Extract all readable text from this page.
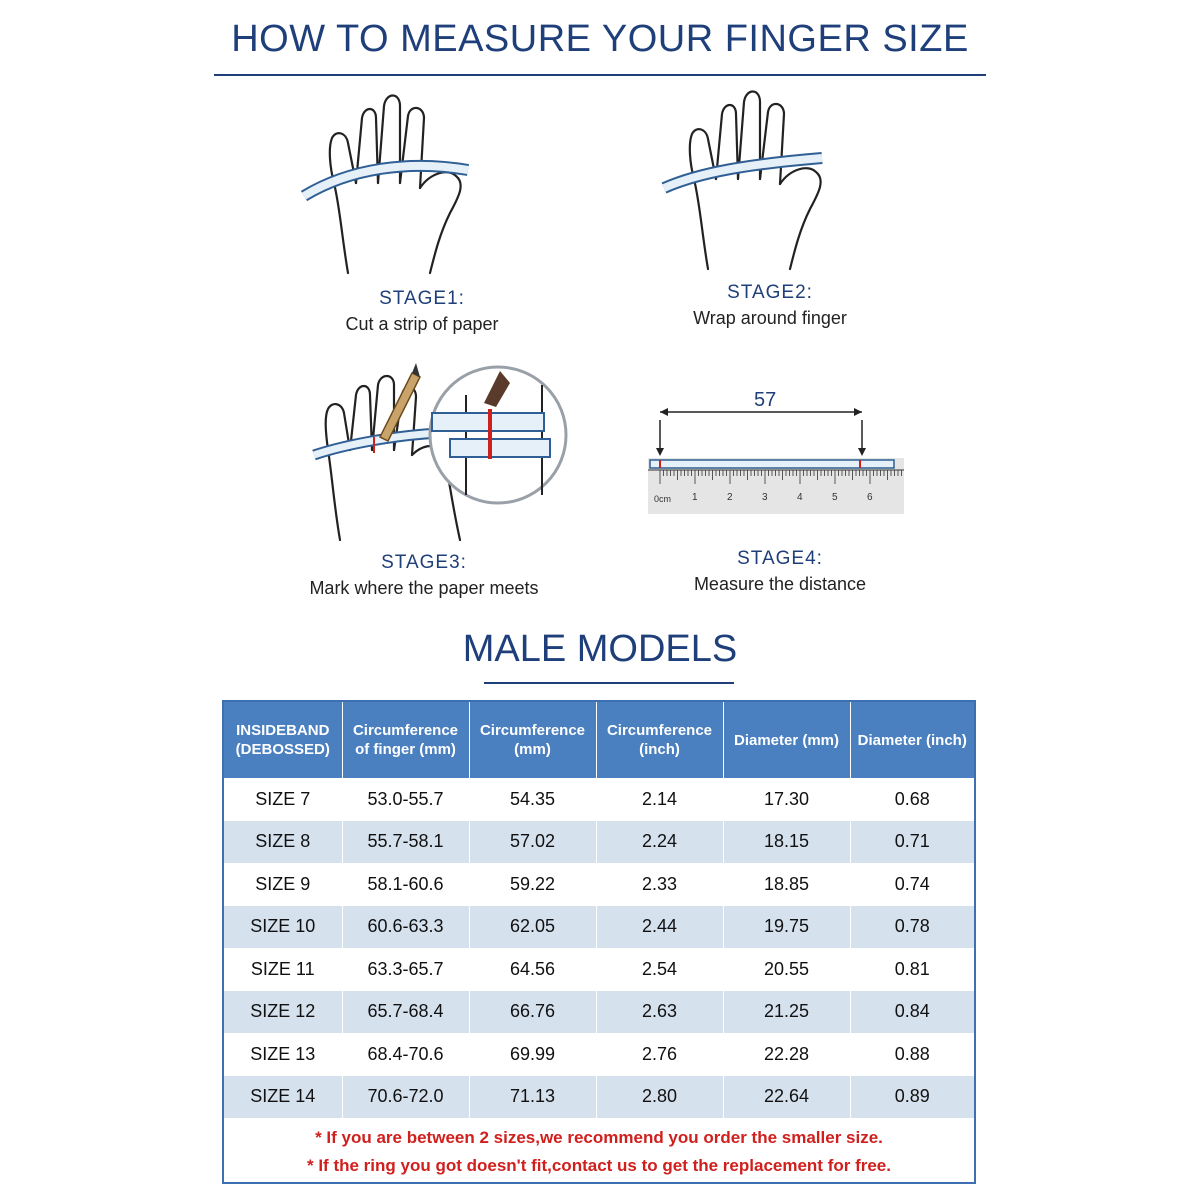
HOW TO MEASURE YOUR FINGER SIZE
STAGE1:
Cut a strip of paper
STAGE2:
Wrap around finger
STAGE3:
Mark where the paper meets
57
0cm 1	2	3	4	5	6
STAGE4:
Measure the distance
MALE MODELS
INSIDEBAND (DEBOSSED)	Circumference of finger (mm)	Circumference (mm)	Circumference (inch)	Diameter (mm)	Diameter (inch)
SIZE 7	53.0-55.7	54.35	2.14	17.30	0.68
SIZE 8	55.7-58.1	57.02	2.24	18.15	0.71
SIZE 9	58.1-60.6	59.22	2.33	18.85	0.74
SIZE 10	60.6-63.3	62.05	2.44	19.75	0.78
SIZE 11	63.3-65.7	64.56	2.54	20.55	0.81
SIZE 12	65.7-68.4	66.76	2.63	21.25	0.84
SIZE 13	68.4-70.6	69.99	2.76	22.28	0.88
SIZE 14	70.6-72.0	71.13	2.80	22.64	0.89
* If you are between 2 sizes,we recommend you order the smaller size.
* If the ring you got doesn't fit,contact us to get the replacement for free.
